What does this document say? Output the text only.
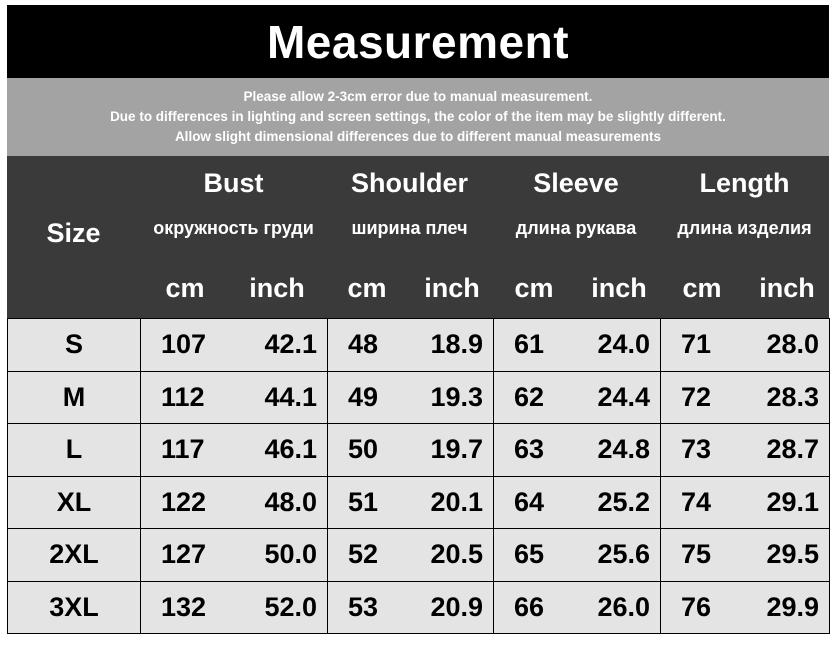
Measurement
Please allow 2-3cm error due to manual measurement.
Due to differences in lighting and screen settings, the color of the item may be slightly different.
Allow slight dimensional differences due to different manual measurements
Size
Bust
окружность груди
cm	inch
Shoulder
ширина плеч
cm	inch
Sleeve
длина рукава
cm	inch
Length
длина изделия
cm	inch
S	107 42.1	48 18.9	61 24.0	71 28.0

M	112 44.1	49 19.3	62 24.4	72 28.3

L	117 46.1	50 19.7	63 24.8	73 28.7

XL	122 48.0	51 20.1	64 25.2	74 29.1

2XL	127 50.0	52 20.5	65 25.6	75 29.5

3XL	132 52.0	53 20.9	66 26.0	76 29.9
